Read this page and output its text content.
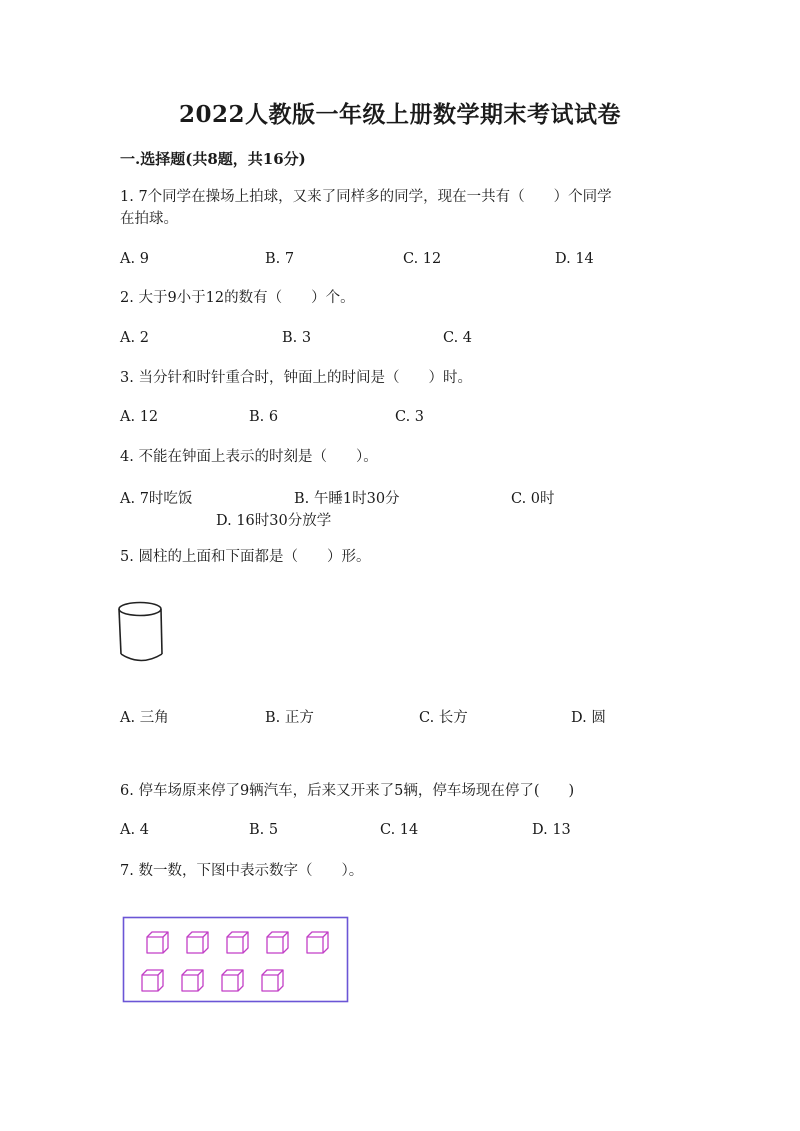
2022人教版一年级上册数学期末考试试卷
一.选择题(共8题，共16分)
1. 7个同学在操场上拍球，又来了同样多的同学，现在一共有（　　）个同学
在拍球。
A. 9	B. 7	C. 12	D. 14
2. 大于9小于12的数有（　　）个。
A. 2	B. 3	C. 4
3. 当分针和时针重合时，钟面上的时间是（　　）时。
A. 12	B. 6	C. 3
4. 不能在钟面上表示的时刻是（　　）。
A. 7时吃饭	B. 午睡1时30分	C. 0时
D. 16时30分放学
5. 圆柱的上面和下面都是（　　）形。
A. 三角	B. 正方	C. 长方	D. 圆
6. 停车场原来停了9辆汽车，后来又开来了5辆，停车场现在停了(　　)
A. 4	B. 5	C. 14	D. 13
7. 数一数，下图中表示数字（　　）。
